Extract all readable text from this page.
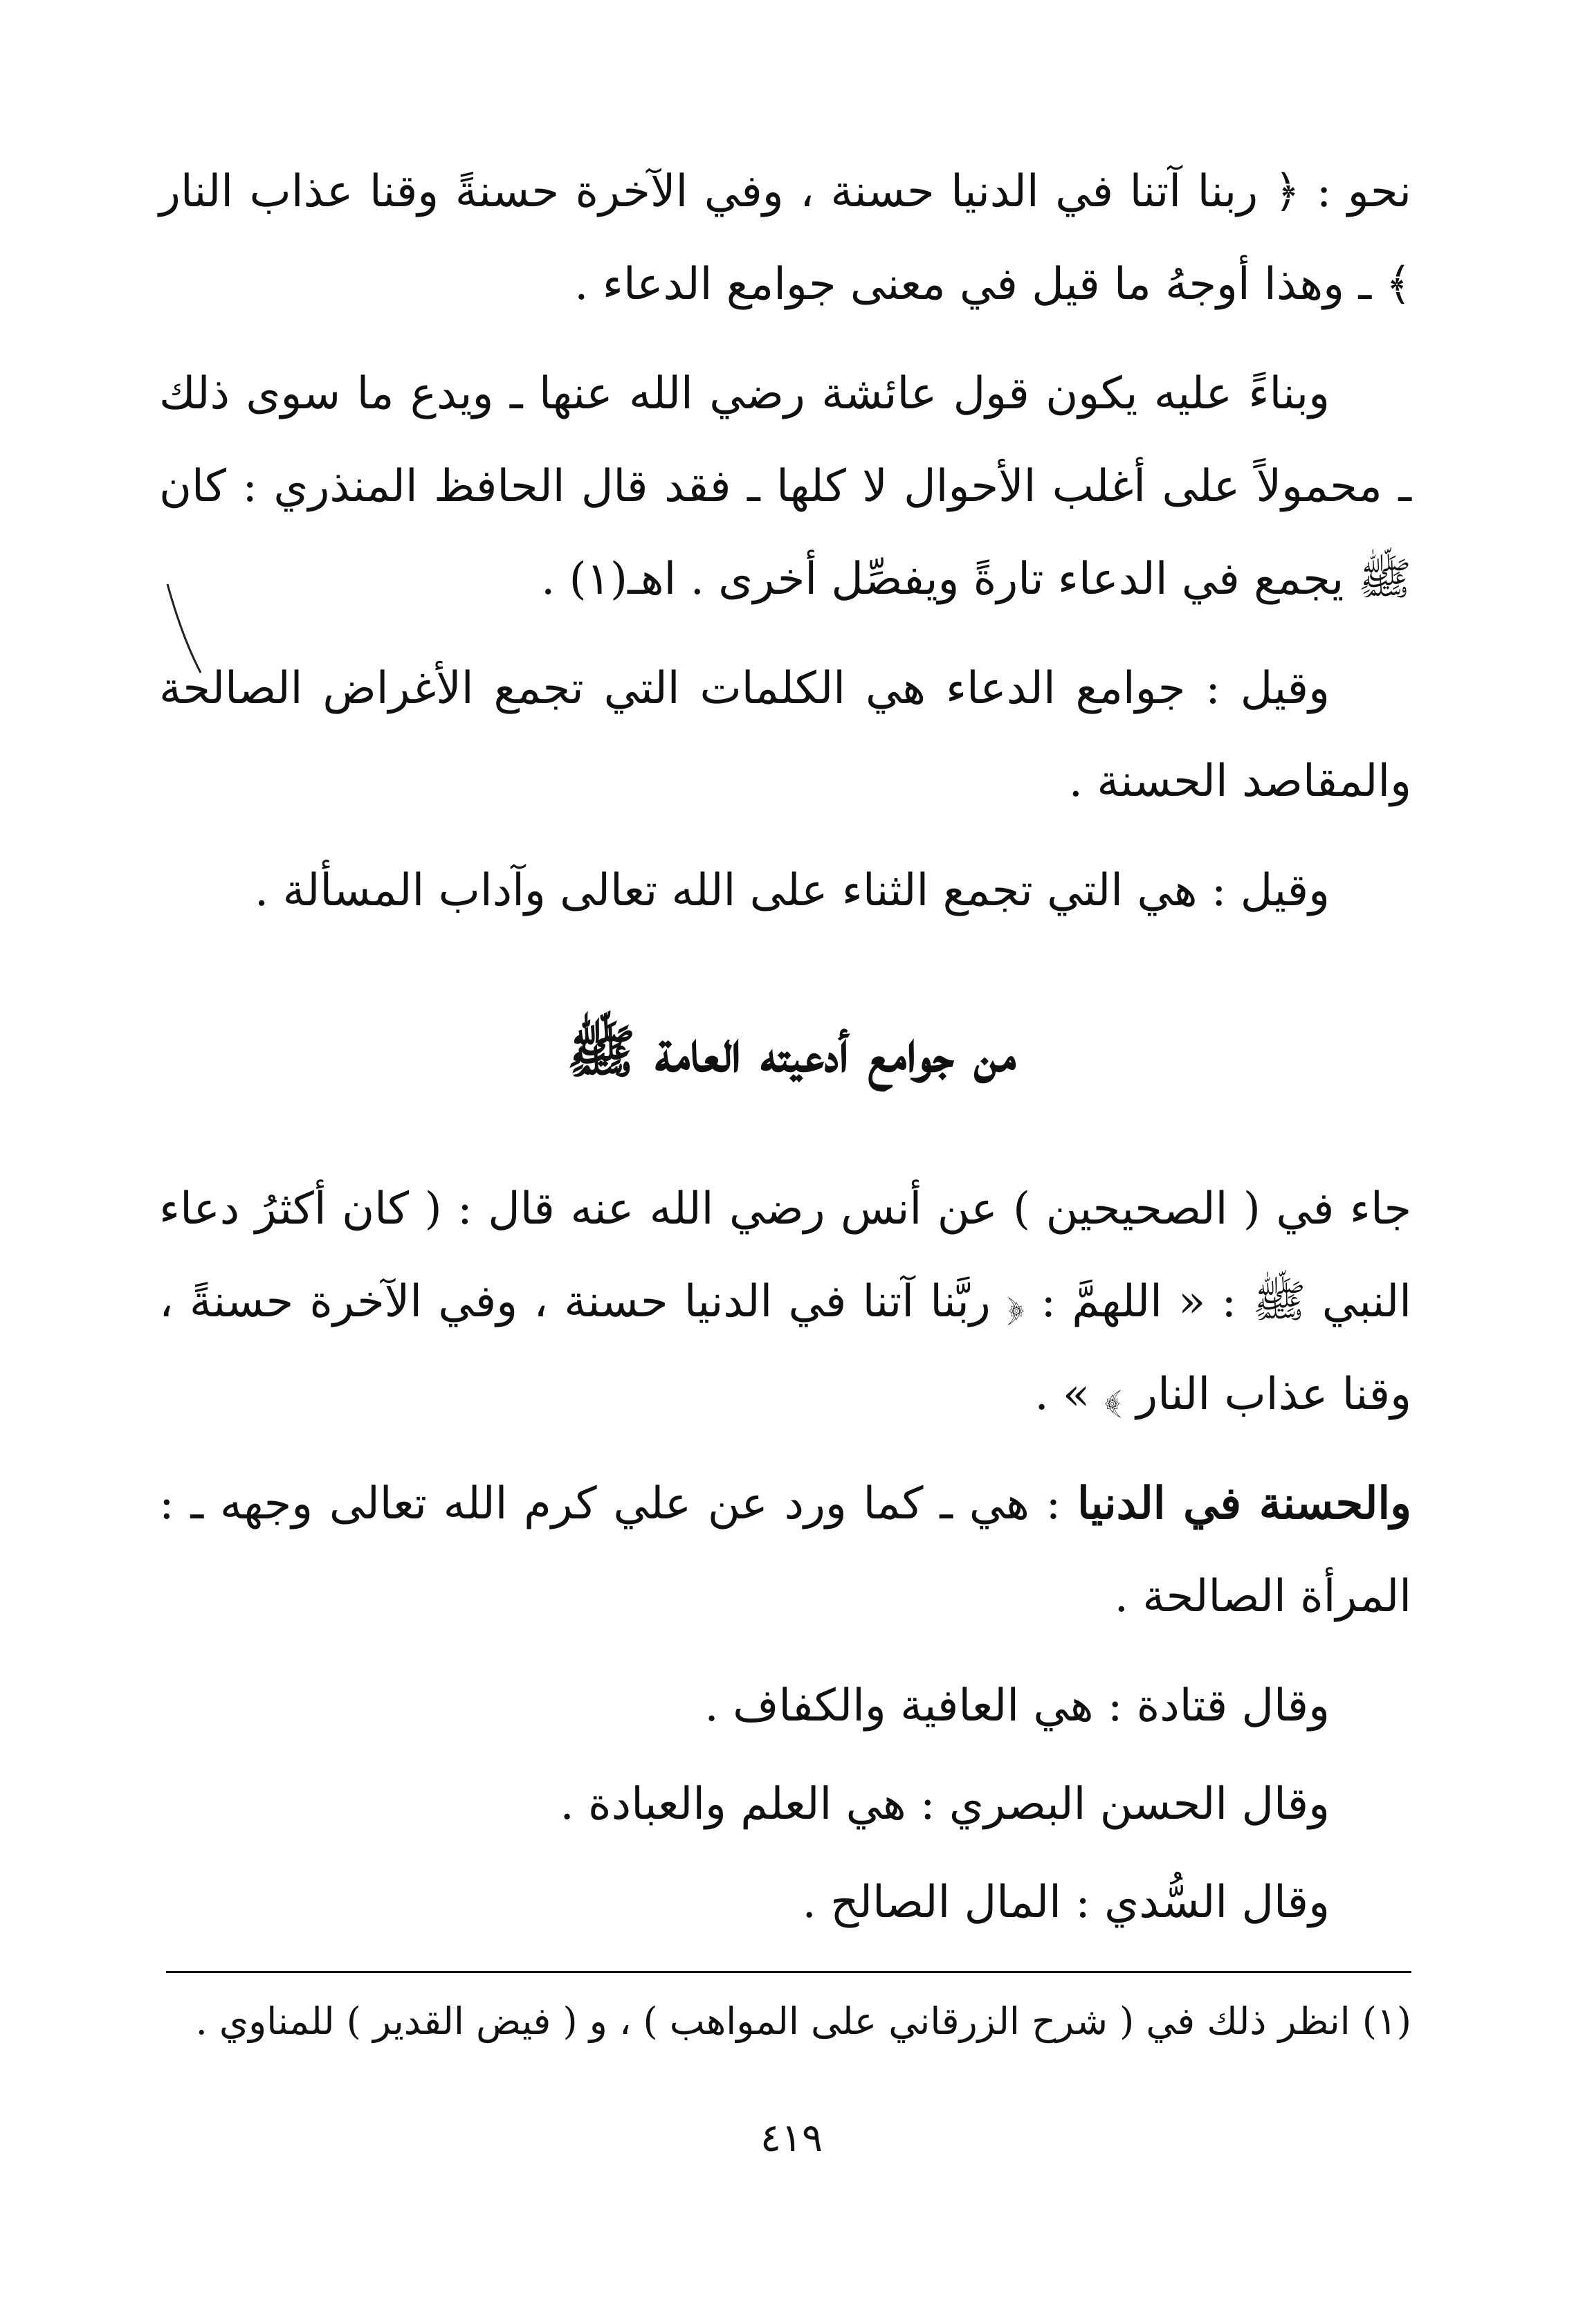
نحو : ﴿ ربنا آتنا في الدنيا حسنة ، وفي الآخرة حسنةً وقنا عذاب النار ﴾ ـ وهذا أوجهُ ما قيل في معنى جوامع الدعاء .

وبناءً عليه يكون قول عائشة رضي الله عنها ـ ويدع ما سوى ذلك ـ محمولاً على أغلب الأحوال لا كلها ـ فقد قال الحافظ المنذري : كان ﷺ يجمع في الدعاء تارةً ويفصِّل أخرى . اهـ(١) .

وقيل : جوامع الدعاء هي الكلمات التي تجمع الأغراض الصالحة والمقاصد الحسنة .

وقيل : هي التي تجمع الثناء على الله تعالى وآداب المسألة .

من جوامع أدعيته العامة ﷺ

جاء في ( الصحيحين ) عن أنس رضي الله عنه قال : ( كان أكثرُ دعاء النبي ﷺ : « اللهمَّ : ﴿ ربَّنا آتنا في الدنيا حسنة ، وفي الآخرة حسنةً ، وقنا عذاب النار ﴾ » .

والحسنة في الدنيا : هي ـ كما ورد عن علي كرم الله تعالى وجهه ـ : المرأة الصالحة .

وقال قتادة : هي العافية والكفاف .

وقال الحسن البصري : هي العلم والعبادة .

وقال السُّدي : المال الصالح .

(١) انظر ذلك في ( شرح الزرقاني على المواهب ) ، و ( فيض القدير ) للمناوي .

٤١٩
